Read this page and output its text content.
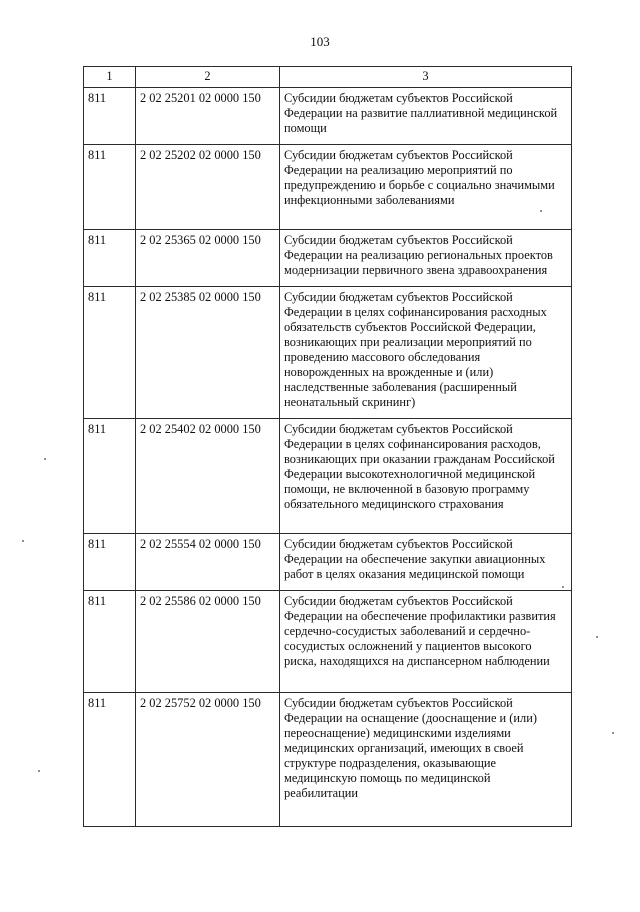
103
1	2	3
811	2 02 25201 02 0000 150	Субсидии бюджетам субъектов Российской Федерации на развитие паллиативной медицинской помощи
811	2 02 25202 02 0000 150	Субсидии бюджетам субъектов Российской Федерации на реализацию мероприятий по предупреждению и борьбе с социально значимыми инфекционными заболеваниями
811	2 02 25365 02 0000 150	Субсидии бюджетам субъектов Российской Федерации на реализацию региональных проектов модернизации первичного звена здравоохранения
811	2 02 25385 02 0000 150	Субсидии бюджетам субъектов Российской Федерации в целях софинансирования расходных обязательств субъектов Российской Федерации, возникающих при реализации мероприятий по проведению массового обследования новорожденных на врожденные и (или) наследственные заболевания (расширенный неонатальный скрининг)
811	2 02 25402 02 0000 150	Субсидии бюджетам субъектов Российской Федерации в целях софинансирования расходов, возникающих при оказании гражданам Российской Федерации высокотехнологичной медицинской помощи, не включенной в базовую программу обязательного медицинского страхования
811	2 02 25554 02 0000 150	Субсидии бюджетам субъектов Российской Федерации на обеспечение закупки авиационных работ в целях оказания медицинской помощи
811	2 02 25586 02 0000 150	Субсидии бюджетам субъектов Российской Федерации на обеспечение профилактики развития сердечно-сосудистых заболеваний и сердечно-сосудистых осложнений у пациентов высокого риска, находящихся на диспансерном наблюдении
811	2 02 25752 02 0000 150	Субсидии бюджетам субъектов Российской Федерации на оснащение (дооснащение и (или) переоснащение) медицинскими изделиями медицинских организаций, имеющих в своей структуре подразделения, оказывающие медицинскую помощь по медицинской реабилитации
